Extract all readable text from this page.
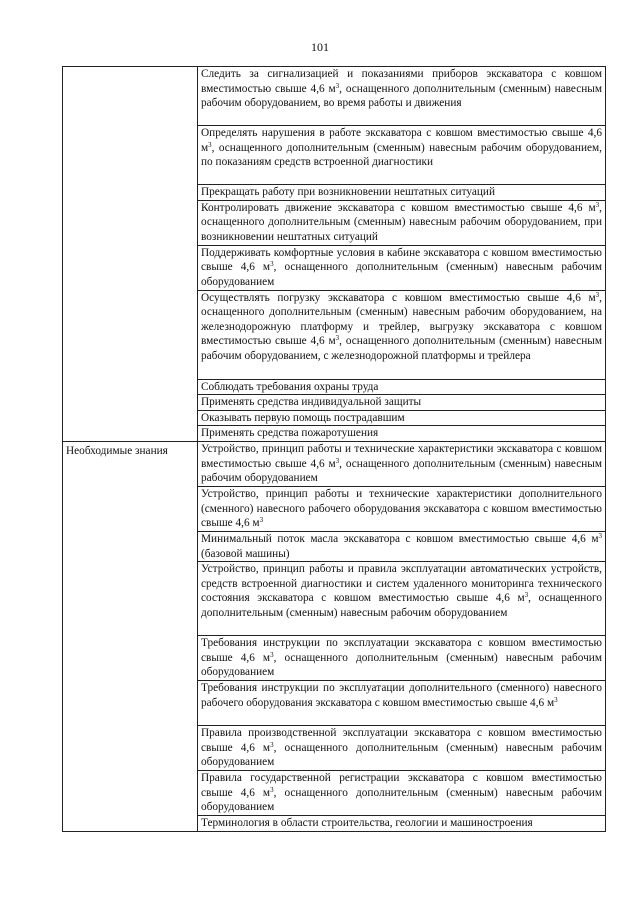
101
	Следить за сигнализацией и показаниями приборов экскаватора с ковшом вместимостью свыше 4,6 $м^3$, оснащенного дополнительным (сменным) навесным рабочим оборудованием, во время работы и движения
	Определять нарушения в работе экскаватора с ковшом вместимостью свыше 4,6 $м^3$, оснащенного дополнительным (сменным) навесным рабочим оборудованием, по показаниям средств встроенной диагностики
	Прекращать работу при возникновении нештатных ситуаций
	Контролировать движение экскаватора с ковшом вместимостью свыше 4,6 $м^3$, оснащенного дополнительным (сменным) навесным рабочим оборудованием, при возникновении нештатных ситуаций
	Поддерживать комфортные условия в кабине экскаватора с ковшом вместимостью свыше 4,6 $м^3$, оснащенного дополнительным (сменным) навесным рабочим оборудованием
	Осуществлять погрузку экскаватора с ковшом вместимостью свыше 4,6 $м^3$, оснащенного дополнительным (сменным) навесным рабочим оборудованием, на железнодорожную платформу и трейлер, выгрузку экскаватора с ковшом вместимостью свыше 4,6 $м^3$, оснащенного дополнительным (сменным) навесным рабочим оборудованием, с железнодорожной платформы и трейлера
	Соблюдать требования охраны труда
	Применять средства индивидуальной защиты
	Оказывать первую помощь пострадавшим
	Применять средства пожаротушения

Необходимые знания	Устройство, принцип работы и технические характеристики экскаватора с ковшом вместимостью свыше 4,6 $м^3$, оснащенного дополнительным (сменным) навесным рабочим оборудованием
	Устройство, принцип работы и технические характеристики дополнительного (сменного) навесного рабочего оборудования экскаватора с ковшом вместимостью свыше 4,6 $м^3$
	Минимальный поток масла экскаватора с ковшом вместимостью свыше 4,6 $м^3$ (базовой машины)
	Устройство, принцип работы и правила эксплуатации автоматических устройств, средств встроенной диагностики и систем удаленного мониторинга технического состояния экскаватора с ковшом вместимостью свыше 4,6 $м^3$, оснащенного дополнительным (сменным) навесным рабочим оборудованием
	Требования инструкции по эксплуатации экскаватора с ковшом вместимостью свыше 4,6 $м^3$, оснащенного дополнительным (сменным) навесным рабочим оборудованием
	Требования инструкции по эксплуатации дополнительного (сменного) навесного рабочего оборудования экскаватора с ковшом вместимостью свыше 4,6 $м^3$
	Правила производственной эксплуатации экскаватора с ковшом вместимостью свыше 4,6 $м^3$, оснащенного дополнительным (сменным) навесным рабочим оборудованием
	Правила государственной регистрации экскаватора с ковшом вместимостью свыше 4,6 $м^3$, оснащенного дополнительным (сменным) навесным рабочим оборудованием
	Терминология в области строительства, геологии и машиностроения
